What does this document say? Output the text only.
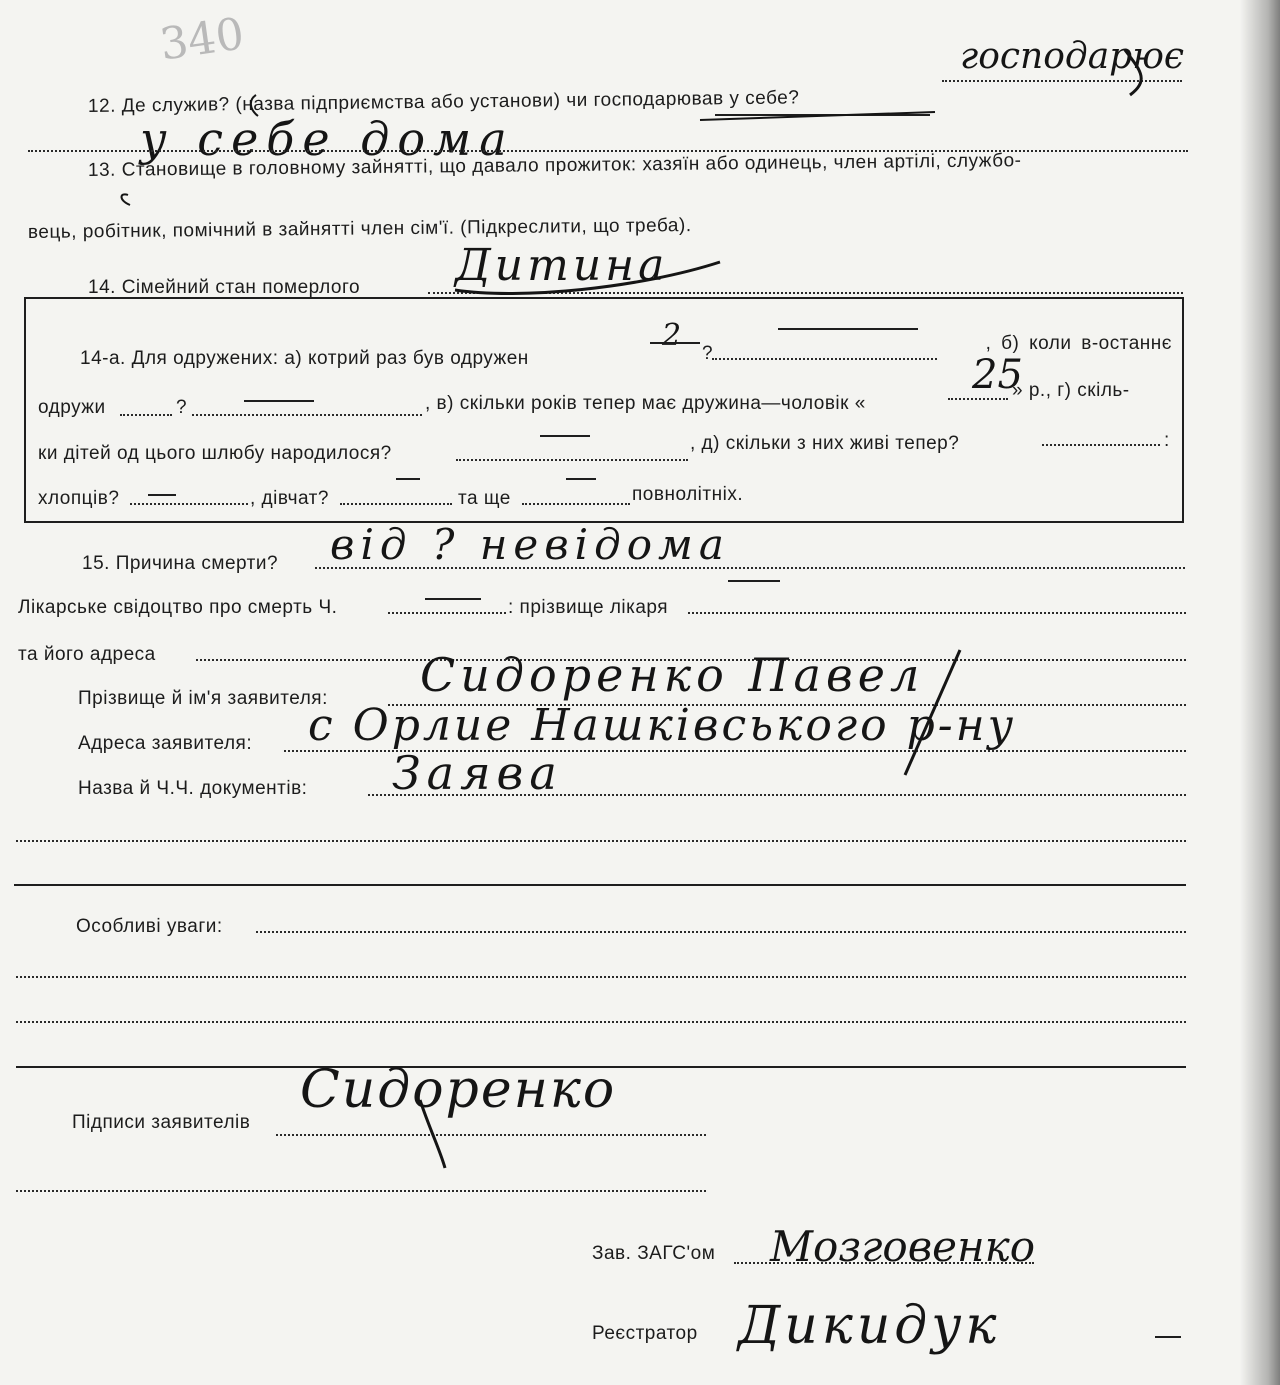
340	господарює
12. Де служив? (назва підприємства або установи) чи господарював у себе?
у себе дома
13. Становище в головному зайнятті, що давало прожиток: хазяїн або одинець, член артілі, службо-
вець, робітник, помічний в зайнятті член сім'ї. (Підкреслити, що треба).
14. Сімейний стан померлого Дитина
14-а. Для одружених: а) котрий раз був одружен	?
2	, б) коли в-останнє
одружи	?	, в) скільки років тепер має дружина—чоловік «
25
» р., г) скіль-
ки дітей од цього шлюбу народилося?	, д) скільки з них живі тепер?	:
хлопців?	, дівчат?	та ще	повнолітніх.
15. Причина смерти? від ? невідома
Лікарське свідоцтво про смерть Ч.	: прізвище лікаря
та його адреса
Прізвище й ім'я заявителя: Сидоренко Павел
Адреса заявителя: с Орлие Нашківського р-ну
Назва й Ч.Ч. документів: Заява
Особливі уваги:
Сидоренко
Підписи заявителів
Зав. ЗАГС'ом Мозговенко
Реєстратор Дикидук
